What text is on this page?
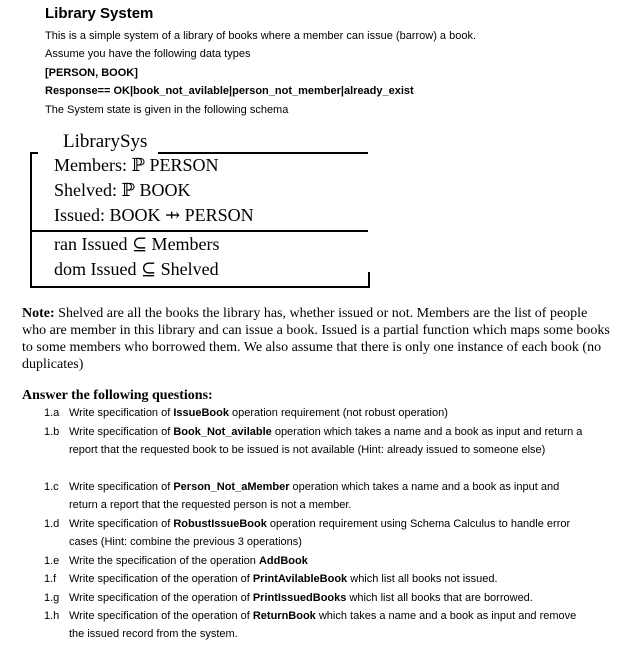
Library System
This is a simple system of a library of books where a member can issue (barrow) a book.
Assume you have the following data types
[PERSON, BOOK]
Response== OK|book_not_avilable|person_not_member|already_exist
The System state is given in the following schema
LibrarySys
Members: ℙ PERSON
Shelved: ℙ BOOK
Issued: BOOK ⇸ PERSON
ran Issued ⊆ Members
dom Issued ⊆ Shelved
Note: Shelved are all the books the library has, whether issued or not. Members are the list of people who are member in this library and can issue a book. Issued is a partial function which maps some books to some members who borrowed them. We also assume that there is only one instance of each book (no duplicates)
Answer the following questions:
1.a Write specification of IssueBook operation requirement (not robust operation)
1.b Write specification of Book_Not_avilable operation which takes a name and a book as input and return a report that the requested book to be issued is not available (Hint: already issued to someone else)
1.c Write specification of Person_Not_aMember operation which takes a name and a book as input and return a report that the requested person is not a member.
1.d Write specification of RobustIssueBook operation requirement using Schema Calculus to handle error cases (Hint: combine the previous 3 operations)
1.e Write the specification of the operation AddBook
1.f	Write specification of the operation of PrintAvilableBook which list all books not issued.
1.g Write specification of the operation of PrintIssuedBooks which list all books that are borrowed.
1.h Write specification of the operation of ReturnBook which takes a name and a book as input and remove the issued record from the system.
